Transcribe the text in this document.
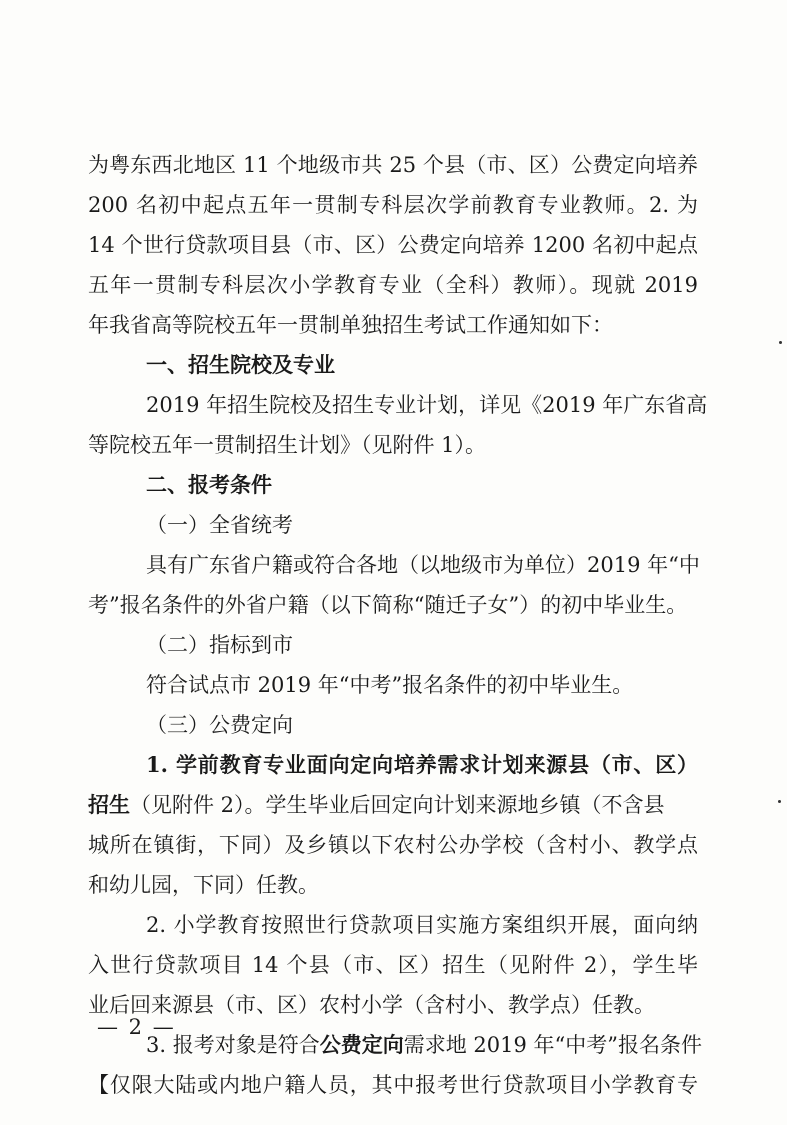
为粤东西北地区 11 个地级市共 25 个县（市、区）公费定向培养
200 名初中起点五年一贯制专科层次学前教育专业教师。2. 为
14 个世行贷款项目县（市、区）公费定向培养 1200 名初中起点
五年一贯制专科层次小学教育专业（全科）教师）。现就 2019
年我省高等院校五年一贯制单独招生考试工作通知如下：
一、招生院校及专业
2019 年招生院校及招生专业计划，详见《2019 年广东省高
等院校五年一贯制招生计划》（见附件 1）。
二、报考条件
（一）全省统考
具有广东省户籍或符合各地（以地级市为单位）2019 年“中
考”报名条件的外省户籍（以下简称“随迁子女”）的初中毕业生。
（二）指标到市
符合试点市 2019 年“中考”报名条件的初中毕业生。
（三）公费定向
1. 学前教育专业面向定向培养需求计划来源县（市、区）
招生（见附件 2）。学生毕业后回定向计划来源地乡镇（不含县
城所在镇街，下同）及乡镇以下农村公办学校（含村小、教学点
和幼儿园，下同）任教。
— 2 —
2. 小学教育按照世行贷款项目实施方案组织开展，面向纳
入世行贷款项目 14 个县（市、区）招生（见附件 2），学生毕
业后回来源县（市、区）农村小学（含村小、教学点）任教。
3. 报考对象是符合公费定向需求地 2019 年“中考”报名条件
【仅限大陆或内地户籍人员，其中报考世行贷款项目小学教育专
